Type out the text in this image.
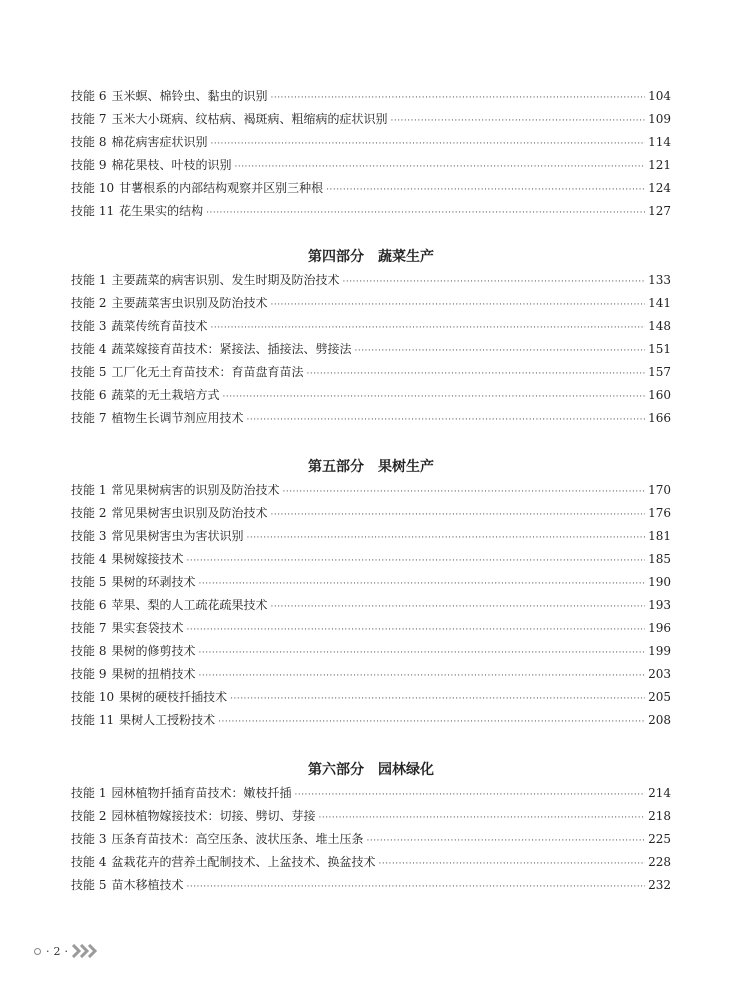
技能 6 玉米螟、棉铃虫、黏虫的识别 ·····	104
技能 7 玉米大小斑病、纹枯病、褐斑病、粗缩病的症状识别 ·····	109
技能 8 棉花病害症状识别 ·····	114
技能 9 棉花果枝、叶枝的识别 ·····	121
技能 10 甘薯根系的内部结构观察并区别三种根 ·····	124
技能 11 花生果实的结构 ·····	127
第四部分 蔬菜生产
技能 1 主要蔬菜的病害识别、发生时期及防治技术 ·····	133
技能 2 主要蔬菜害虫识别及防治技术 ·····	141
技能 3 蔬菜传统育苗技术 ·····	148
技能 4 蔬菜嫁接育苗技术：紧接法、插接法、劈接法 ·····	151
技能 5 工厂化无土育苗技术：育苗盘育苗法 ·····	157
技能 6 蔬菜的无土栽培方式 ·····	160
技能 7 植物生长调节剂应用技术 ·····	166
第五部分 果树生产
技能 1 常见果树病害的识别及防治技术 ·····	170
技能 2 常见果树害虫识别及防治技术 ·····	176
技能 3 常见果树害虫为害状识别 ·····	181
技能 4 果树嫁接技术 ·····	185
技能 5 果树的环剥技术 ·····	190
技能 6 苹果、梨的人工疏花疏果技术 ·····	193
技能 7 果实套袋技术 ·····	196
技能 8 果树的修剪技术 ·····	199
技能 9 果树的扭梢技术 ·····	203
技能 10 果树的硬枝扦插技术 ·····	205
技能 11 果树人工授粉技术 ·····	208
第六部分 园林绿化
技能 1 园林植物扦插育苗技术：嫩枝扦插 ·····	214
技能 2 园林植物嫁接技术：切接、劈切、芽接 ·····	218
技能 3 压条育苗技术：高空压条、波状压条、堆土压条 ·····	225
技能 4 盆栽花卉的营养土配制技术、上盆技术、换盆技术 ·····	228
技能 5 苗木移植技术 ·····	232
· 2 ·
